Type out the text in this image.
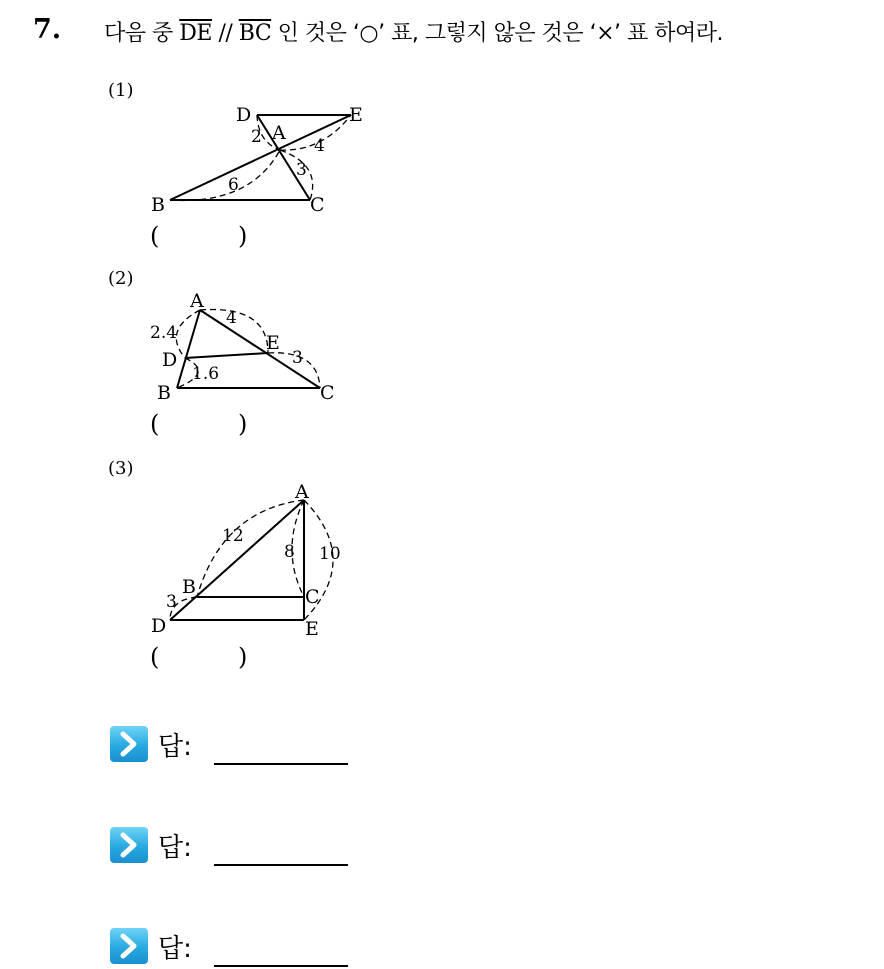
7. 다음 중 $\overline{DE} // \overline{BC}$ 인 것은 ‘○’ 표, 그렇지 않은 것은 ‘×’ 표 하여라.
(1)
D
A
E
B	C
2	4
3
6
(	)
(2)
A
D
E
B	C
2.4
4
3
1.6
(	)
(3)
A
B	C
D	E
12
8 10
3
(	)
답:
답:
답:
